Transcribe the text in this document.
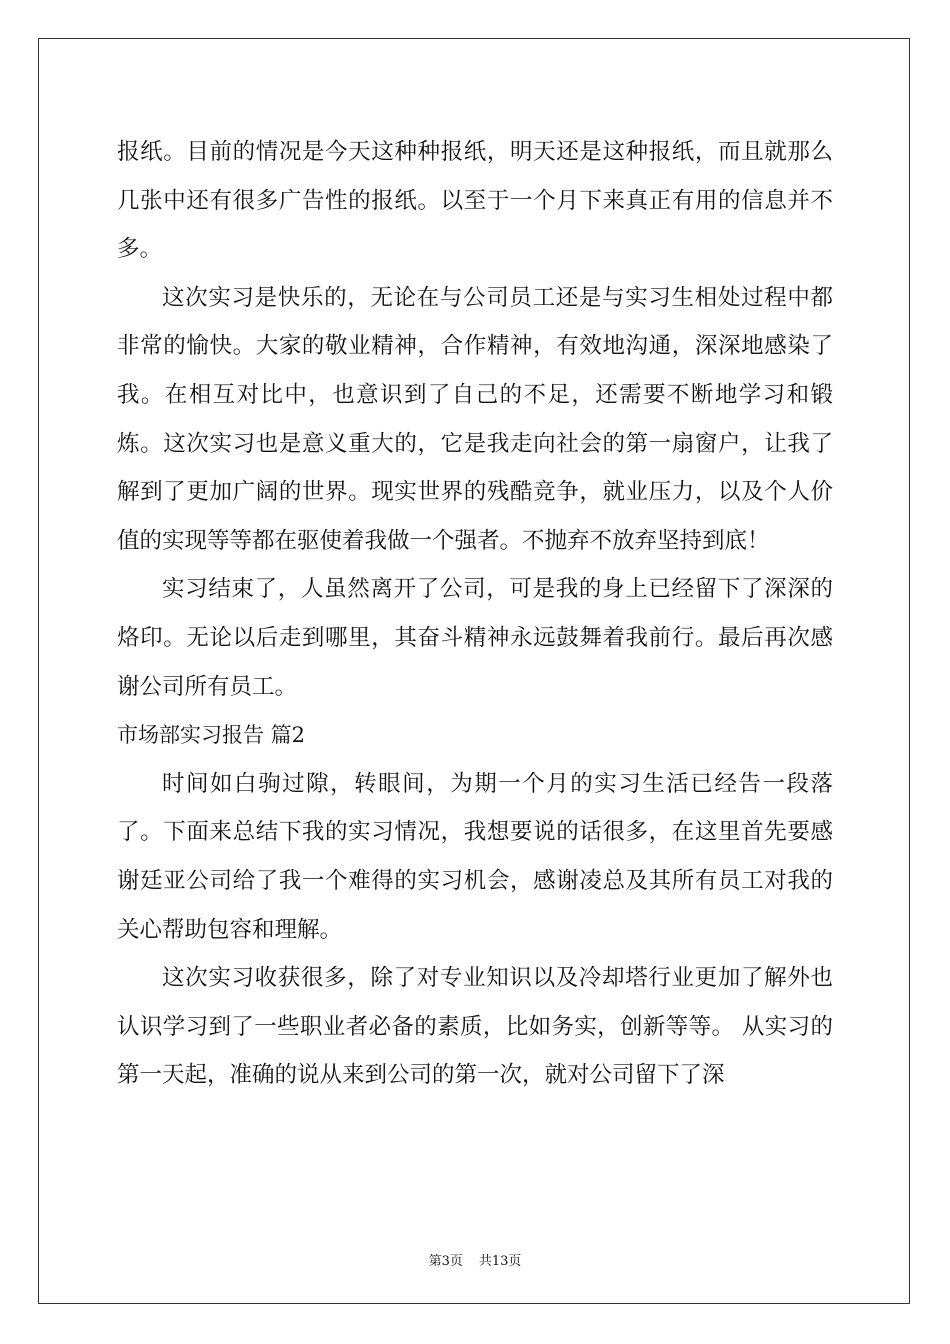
报纸。目前的情况是今天这种种报纸，明天还是这种报纸，而且就那么几张中还有很多广告性的报纸。以至于一个月下来真正有用的信息并不多。

这次实习是快乐的，无论在与公司员工还是与实习生相处过程中都非常的愉快。大家的敬业精神，合作精神，有效地沟通，深深地感染了我。在相互对比中，也意识到了自己的不足，还需要不断地学习和锻炼。这次实习也是意义重大的，它是我走向社会的第一扇窗户，让我了解到了更加广阔的世界。现实世界的残酷竞争，就业压力，以及个人价值的实现等等都在驱使着我做一个强者。不抛弃不放弃坚持到底！

实习结束了，人虽然离开了公司，可是我的身上已经留下了深深的烙印。无论以后走到哪里，其奋斗精神永远鼓舞着我前行。最后再次感谢公司所有员工。

市场部实习报告 篇2

时间如白驹过隙，转眼间，为期一个月的实习生活已经告一段落了。下面来总结下我的实习情况，我想要说的话很多，在这里首先要感谢廷亚公司给了我一个难得的实习机会，感谢凌总及其所有员工对我的关心帮助包容和理解。

这次实习收获很多，除了对专业知识以及冷却塔行业更加了解外也认识学习到了一些职业者必备的素质，比如务实，创新等等。 从实习的第一天起，准确的说从来到公司的第一次，就对公司留下了深

第3页 共13页
